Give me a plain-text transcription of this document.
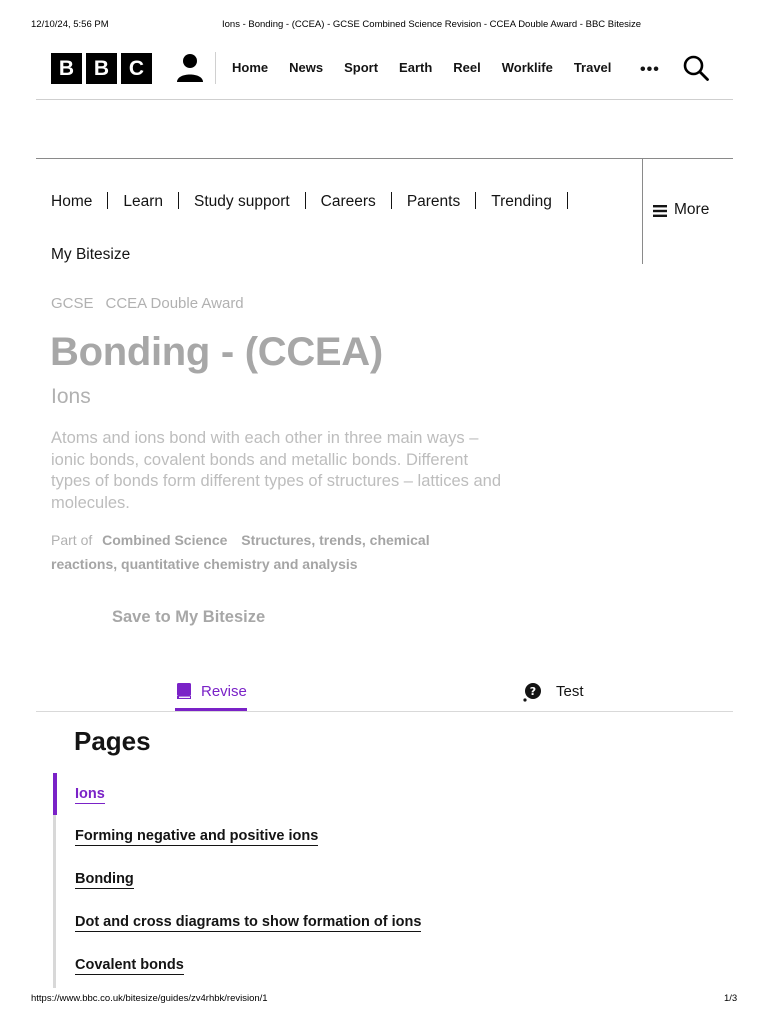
12/10/24, 5:56 PM	Ions - Bonding - (CCEA) - GCSE Combined Science Revision - CCEA Double Award - BBC Bitesize
B B C	Home News Sport Earth Reel Worklife Travel •••
Home Learn Study support Careers Parents Trending
My Bitesize
More
GCSE CCEA Double Award
Bonding - (CCEA)
Ions
Atoms and ions bond with each other in three main ways – ionic bonds, covalent bonds and metallic bonds. Different types of bonds form different types of structures – lattices and molecules.
Part of Combined Science Structures, trends, chemical reactions, quantitative chemistry and analysis
Save to My Bitesize
Revise	? Test
Pages
Ions
Forming negative and positive ions
Bonding
Dot and cross diagrams to show formation of ions
Covalent bonds
https://www.bbc.co.uk/bitesize/guides/zv4rhbk/revision/1	1/3
